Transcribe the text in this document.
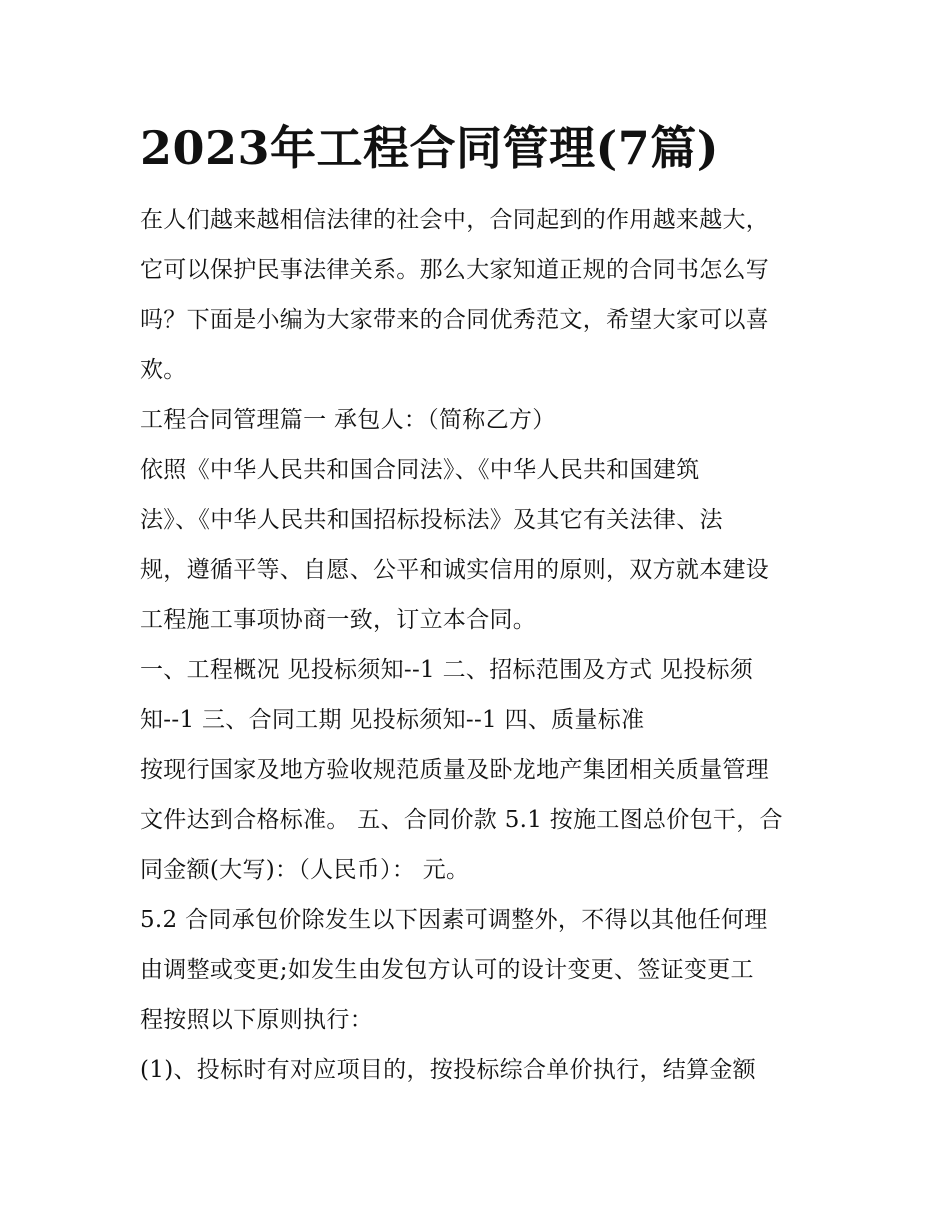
2023年工程合同管理(7篇)

在人们越来越相信法律的社会中，合同起到的作用越来越大，

它可以保护民事法律关系。那么大家知道正规的合同书怎么写

吗？下面是小编为大家带来的合同优秀范文，希望大家可以喜

欢。

工程合同管理篇一 承包人：（简称乙方）

依照《中华人民共和国合同法》、《中华人民共和国建筑

法》、《中华人民共和国招标投标法》及其它有关法律、法

规，遵循平等、自愿、公平和诚实信用的原则，双方就本建设

工程施工事项协商一致，订立本合同。

一、工程概况 见投标须知--1 二、招标范围及方式 见投标须

知--1 三、合同工期 见投标须知--1 四、质量标准

按现行国家及地方验收规范质量及卧龙地产集团相关质量管理

文件达到合格标准。 五、合同价款 5.1 按施工图总价包干，合

同金额(大写)：（人民币）： 元。

5.2 合同承包价除发生以下因素可调整外，不得以其他任何理

由调整或变更;如发生由发包方认可的设计变更、签证变更工

程按照以下原则执行：

(1)、投标时有对应项目的，按投标综合单价执行，结算金额
